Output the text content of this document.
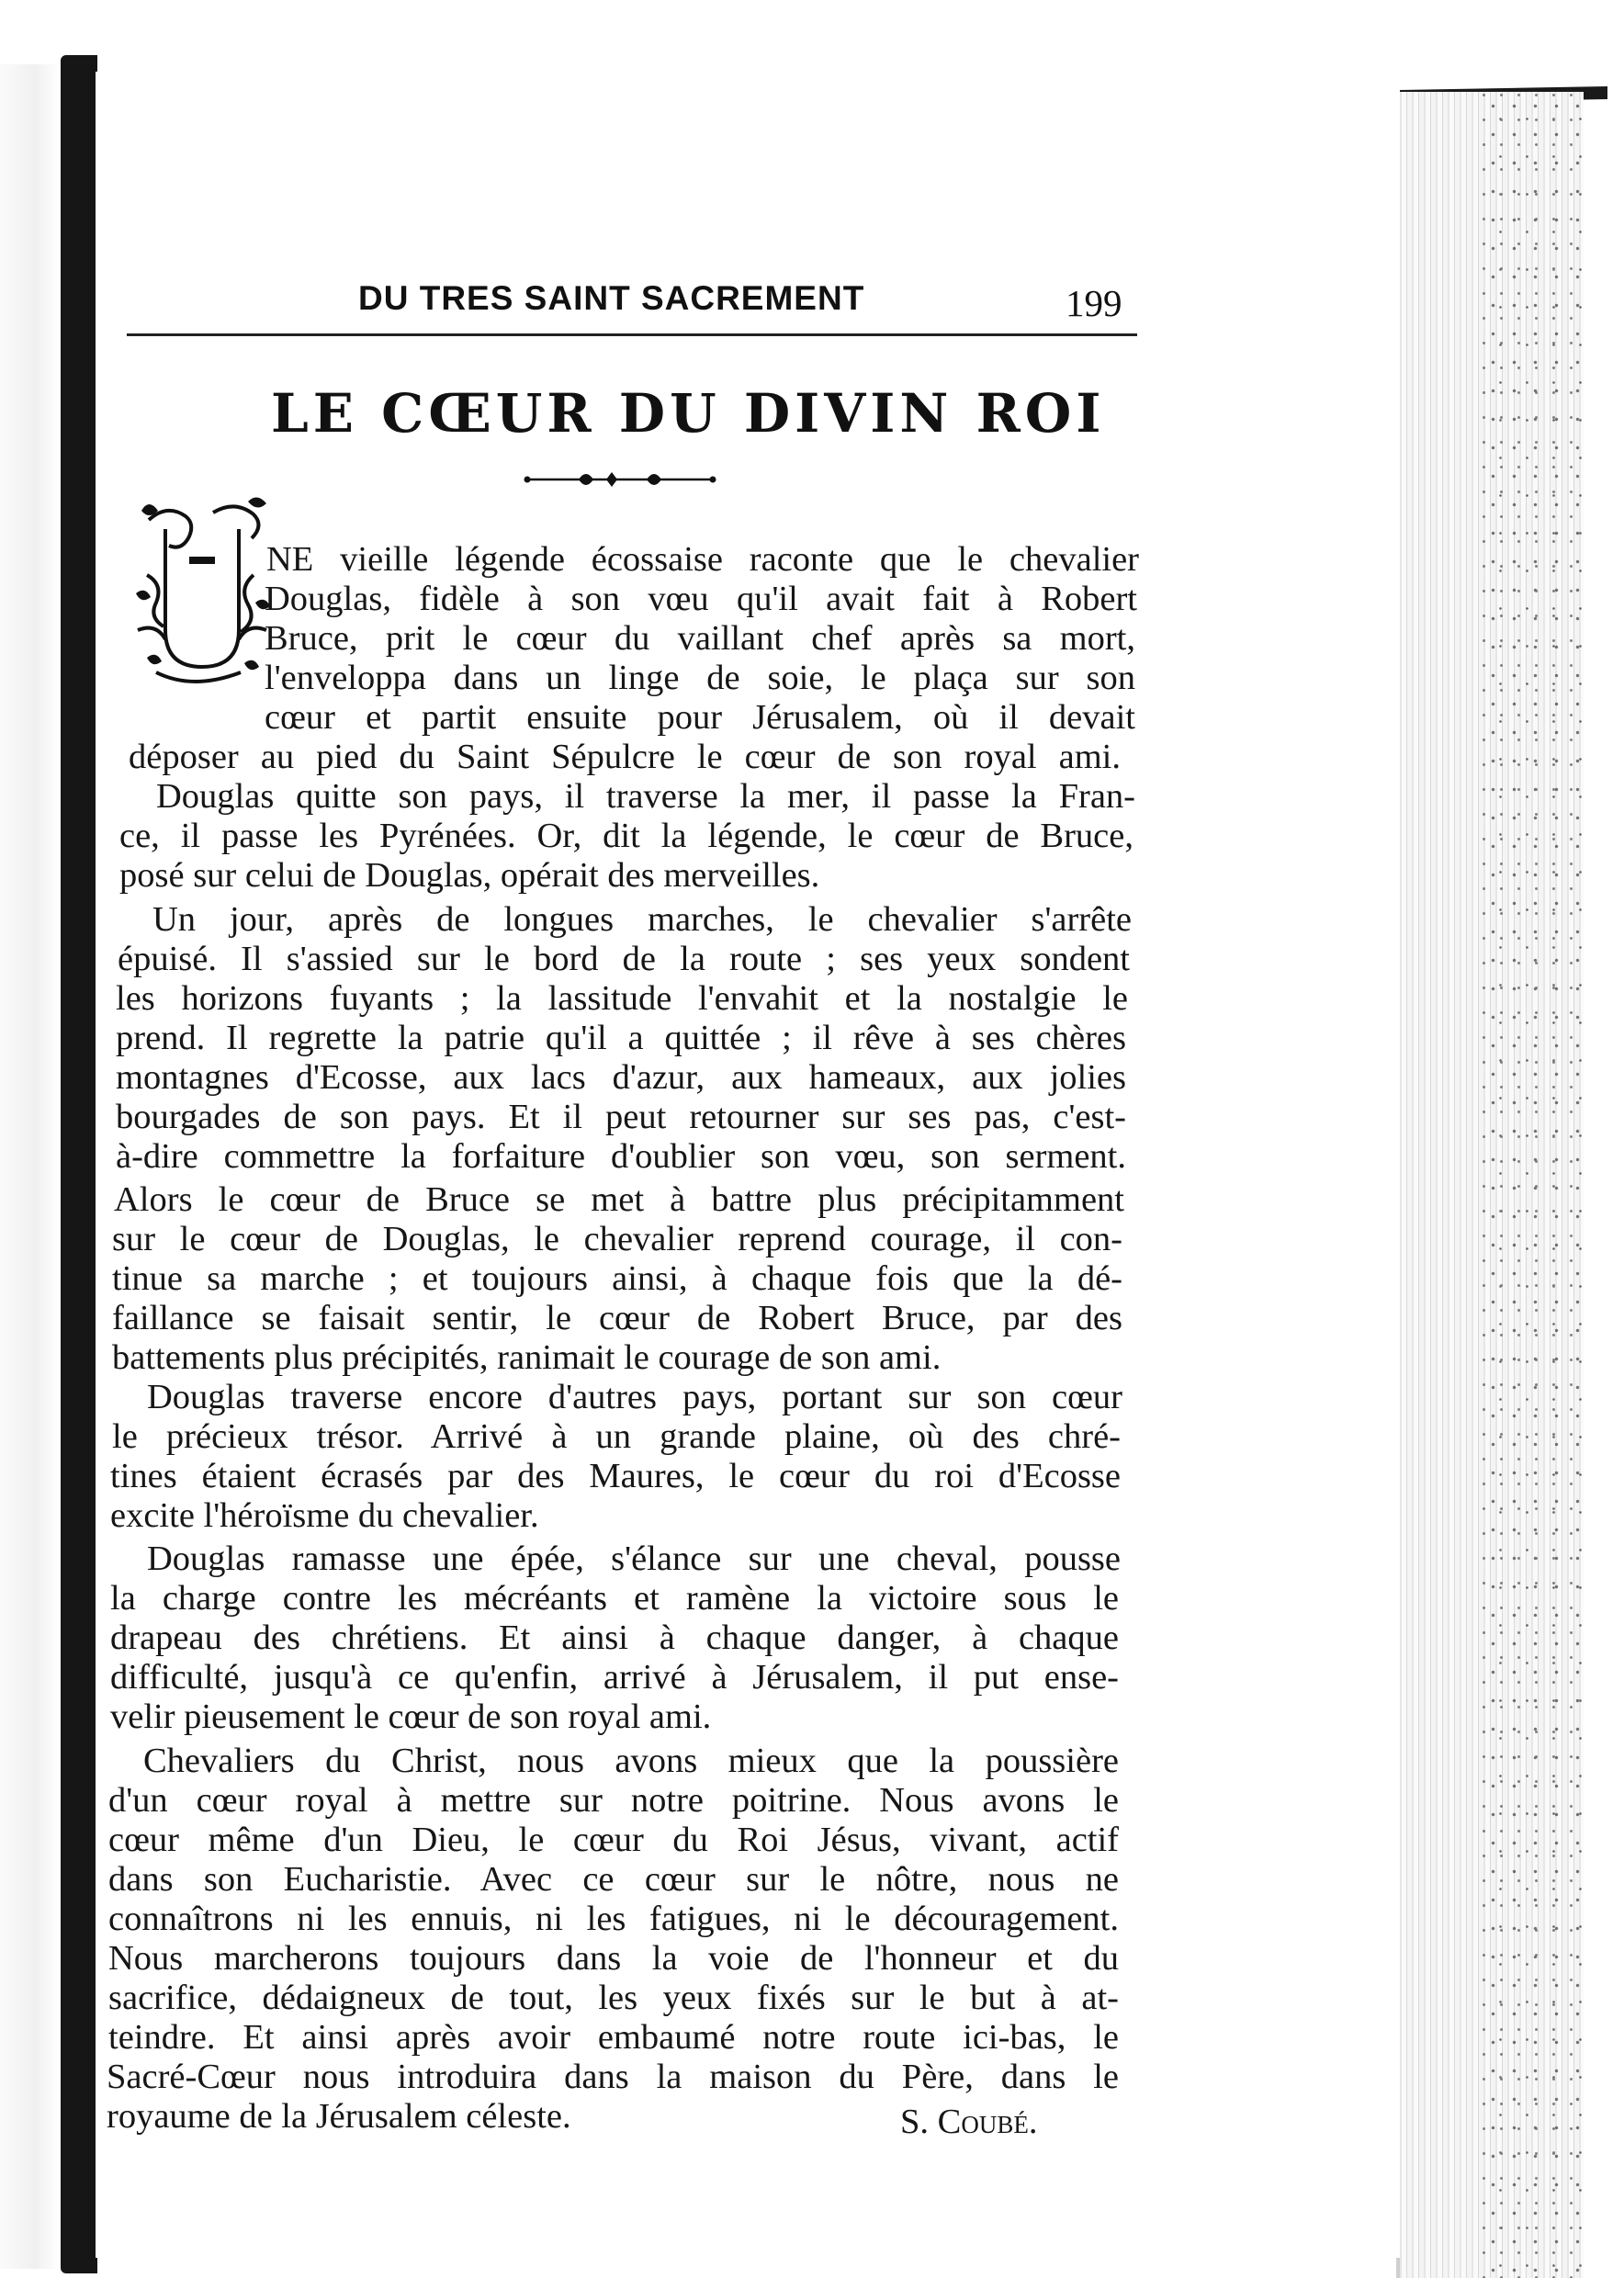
DU TRES SAINT SACREMENT	199
LE CŒUR DU DIVIN ROI
NE vieille légende écossaise raconte que le chevalier
Douglas, fidèle à son vœu qu'il avait fait à Robert
Bruce, prit le cœur du vaillant chef après sa mort,
l'enveloppa dans un linge de soie, le plaça sur son
cœur et partit ensuite pour Jérusalem, où il devait
déposer au pied du Saint Sépulcre le cœur de son royal ami.
Douglas quitte son pays, il traverse la mer, il passe la Fran-
ce, il passe les Pyrénées. Or, dit la légende, le cœur de Bruce,
posé sur celui de Douglas, opérait des merveilles.
Un jour, après de longues marches, le chevalier s'arrête
épuisé. Il s'assied sur le bord de la route ; ses yeux sondent
les horizons fuyants ; la lassitude l'envahit et la nostalgie le
prend. Il regrette la patrie qu'il a quittée ; il rêve à ses chères
montagnes d'Ecosse, aux lacs d'azur, aux hameaux, aux jolies
bourgades de son pays. Et il peut retourner sur ses pas, c'est-
à-dire commettre la forfaiture d'oublier son vœu, son serment.
Alors le cœur de Bruce se met à battre plus précipitamment
sur le cœur de Douglas, le chevalier reprend courage, il con-
tinue sa marche ; et toujours ainsi, à chaque fois que la dé-
faillance se faisait sentir, le cœur de Robert Bruce, par des
battements plus précipités, ranimait le courage de son ami.
Douglas traverse encore d'autres pays, portant sur son cœur
le précieux trésor. Arrivé à un grande plaine, où des chré-
tines étaient écrasés par des Maures, le cœur du roi d'Ecosse
excite l'héroïsme du chevalier.
Douglas ramasse une épée, s'élance sur une cheval, pousse
la charge contre les mécréants et ramène la victoire sous le
drapeau des chrétiens. Et ainsi à chaque danger, à chaque
difficulté, jusqu'à ce qu'enfin, arrivé à Jérusalem, il put ense-
velir pieusement le cœur de son royal ami.
Chevaliers du Christ, nous avons mieux que la poussière
d'un cœur royal à mettre sur notre poitrine. Nous avons le
cœur même d'un Dieu, le cœur du Roi Jésus, vivant, actif
dans son Eucharistie. Avec ce cœur sur le nôtre, nous ne
connaîtrons ni les ennuis, ni les fatigues, ni le découragement.
Nous marcherons toujours dans la voie de l'honneur et du
sacrifice, dédaigneux de tout, les yeux fixés sur le but à at-
teindre. Et ainsi après avoir embaumé notre route ici-bas, le
Sacré-Cœur nous introduira dans la maison du Père, dans le
royaume de la Jérusalem céleste.	S. Coubé.
